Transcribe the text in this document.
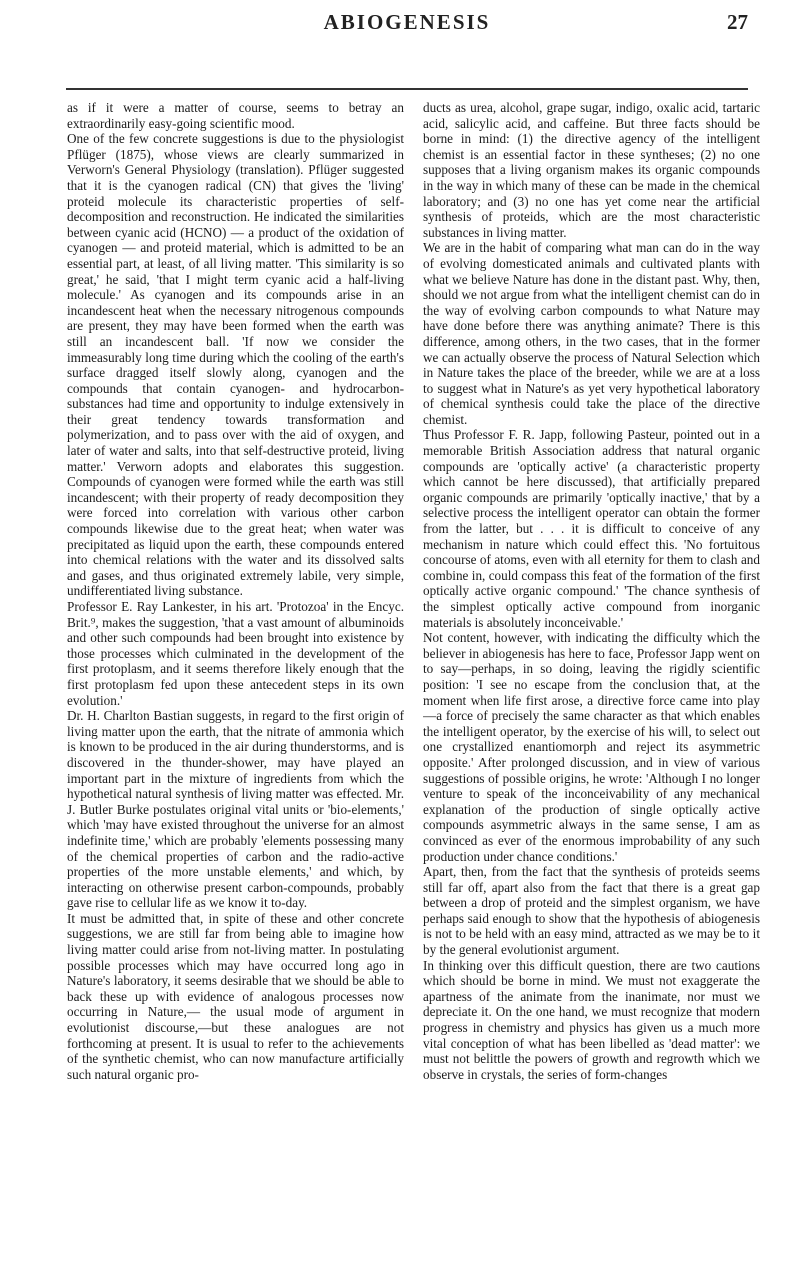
ABIOGENESIS	27

as if it were a matter of course, seems to betray an extraordinarily easy-going scientific mood.

One of the few concrete suggestions is due to the physiologist Pflüger (1875), whose views are clearly summarized in Verworn's General Physiology (translation). Pflüger suggested that it is the cyanogen radical (CN) that gives the 'living' proteid molecule its characteristic properties of self-decomposition and reconstruction. He indicated the similarities between cyanic acid (HCNO) — a product of the oxidation of cyanogen — and proteid material, which is admitted to be an essential part, at least, of all living matter. 'This similarity is so great,' he said, 'that I might term cyanic acid a half-living molecule.' As cyanogen and its compounds arise in an incandescent heat when the necessary nitrogenous compounds are present, they may have been formed when the earth was still an incandescent ball. 'If now we consider the immeasurably long time during which the cooling of the earth's surface dragged itself slowly along, cyanogen and the compounds that contain cyanogen- and hydrocarbon- substances had time and opportunity to indulge extensively in their great tendency towards transformation and polymerization, and to pass over with the aid of oxygen, and later of water and salts, into that self-destructive proteid, living matter.' Verworn adopts and elaborates this suggestion. Compounds of cyanogen were formed while the earth was still incandescent; with their property of ready decomposition they were forced into correlation with various other carbon compounds likewise due to the great heat; when water was precipitated as liquid upon the earth, these compounds entered into chemical relations with the water and its dissolved salts and gases, and thus originated extremely labile, very simple, undifferentiated living substance.

Professor E. Ray Lankester, in his art. 'Protozoa' in the Encyc. Brit.⁹, makes the suggestion, 'that a vast amount of albuminoids and other such compounds had been brought into existence by those processes which culminated in the development of the first protoplasm, and it seems therefore likely enough that the first protoplasm fed upon these antecedent steps in its own evolution.'

Dr. H. Charlton Bastian suggests, in regard to the first origin of living matter upon the earth, that the nitrate of ammonia which is known to be produced in the air during thunderstorms, and is discovered in the thunder-shower, may have played an important part in the mixture of ingredients from which the hypothetical natural synthesis of living matter was effected. Mr. J. Butler Burke postulates original vital units or 'bio-elements,' which 'may have existed throughout the universe for an almost indefinite time,' which are probably 'elements possessing many of the chemical properties of carbon and the radio-active properties of the more unstable elements,' and which, by interacting on otherwise present carbon-compounds, probably gave rise to cellular life as we know it to-day.

It must be admitted that, in spite of these and other concrete suggestions, we are still far from being able to imagine how living matter could arise from not-living matter. In postulating possible processes which may have occurred long ago in Nature's laboratory, it seems desirable that we should be able to back these up with evidence of analogous processes now occurring in Nature,— the usual mode of argument in evolutionist discourse,—but these analogues are not forthcoming at present. It is usual to refer to the achievements of the synthetic chemist, who can now manufacture artificially such natural organic pro-

ducts as urea, alcohol, grape sugar, indigo, oxalic acid, tartaric acid, salicylic acid, and caffeine. But three facts should be borne in mind: (1) the directive agency of the intelligent chemist is an essential factor in these syntheses; (2) no one supposes that a living organism makes its organic compounds in the way in which many of these can be made in the chemical laboratory; and (3) no one has yet come near the artificial synthesis of proteids, which are the most characteristic substances in living matter.

We are in the habit of comparing what man can do in the way of evolving domesticated animals and cultivated plants with what we believe Nature has done in the distant past. Why, then, should we not argue from what the intelligent chemist can do in the way of evolving carbon compounds to what Nature may have done before there was anything animate? There is this difference, among others, in the two cases, that in the former we can actually observe the process of Natural Selection which in Nature takes the place of the breeder, while we are at a loss to suggest what in Nature's as yet very hypothetical laboratory of chemical synthesis could take the place of the directive chemist.

Thus Professor F. R. Japp, following Pasteur, pointed out in a memorable British Association address that natural organic compounds are 'optically active' (a characteristic property which cannot be here discussed), that artificially prepared organic compounds are primarily 'optically inactive,' that by a selective process the intelligent operator can obtain the former from the latter, but . . . it is difficult to conceive of any mechanism in nature which could effect this. 'No fortuitous concourse of atoms, even with all eternity for them to clash and combine in, could compass this feat of the formation of the first optically active organic compound.' 'The chance synthesis of the simplest optically active compound from inorganic materials is absolutely inconceivable.'

Not content, however, with indicating the difficulty which the believer in abiogenesis has here to face, Professor Japp went on to say—perhaps, in so doing, leaving the rigidly scientific position: 'I see no escape from the conclusion that, at the moment when life first arose, a directive force came into play—a force of precisely the same character as that which enables the intelligent operator, by the exercise of his will, to select out one crystallized enantiomorph and reject its asymmetric opposite.' After prolonged discussion, and in view of various suggestions of possible origins, he wrote: 'Although I no longer venture to speak of the inconceivability of any mechanical explanation of the production of single optically active compounds asymmetric always in the same sense, I am as convinced as ever of the enormous improbability of any such production under chance conditions.'

Apart, then, from the fact that the synthesis of proteids seems still far off, apart also from the fact that there is a great gap between a drop of proteid and the simplest organism, we have perhaps said enough to show that the hypothesis of abiogenesis is not to be held with an easy mind, attracted as we may be to it by the general evolutionist argument.

In thinking over this difficult question, there are two cautions which should be borne in mind. We must not exaggerate the apartness of the animate from the inanimate, nor must we depreciate it. On the one hand, we must recognize that modern progress in chemistry and physics has given us a much more vital conception of what has been libelled as 'dead matter': we must not belittle the powers of growth and regrowth which we observe in crystals, the series of form-changes
